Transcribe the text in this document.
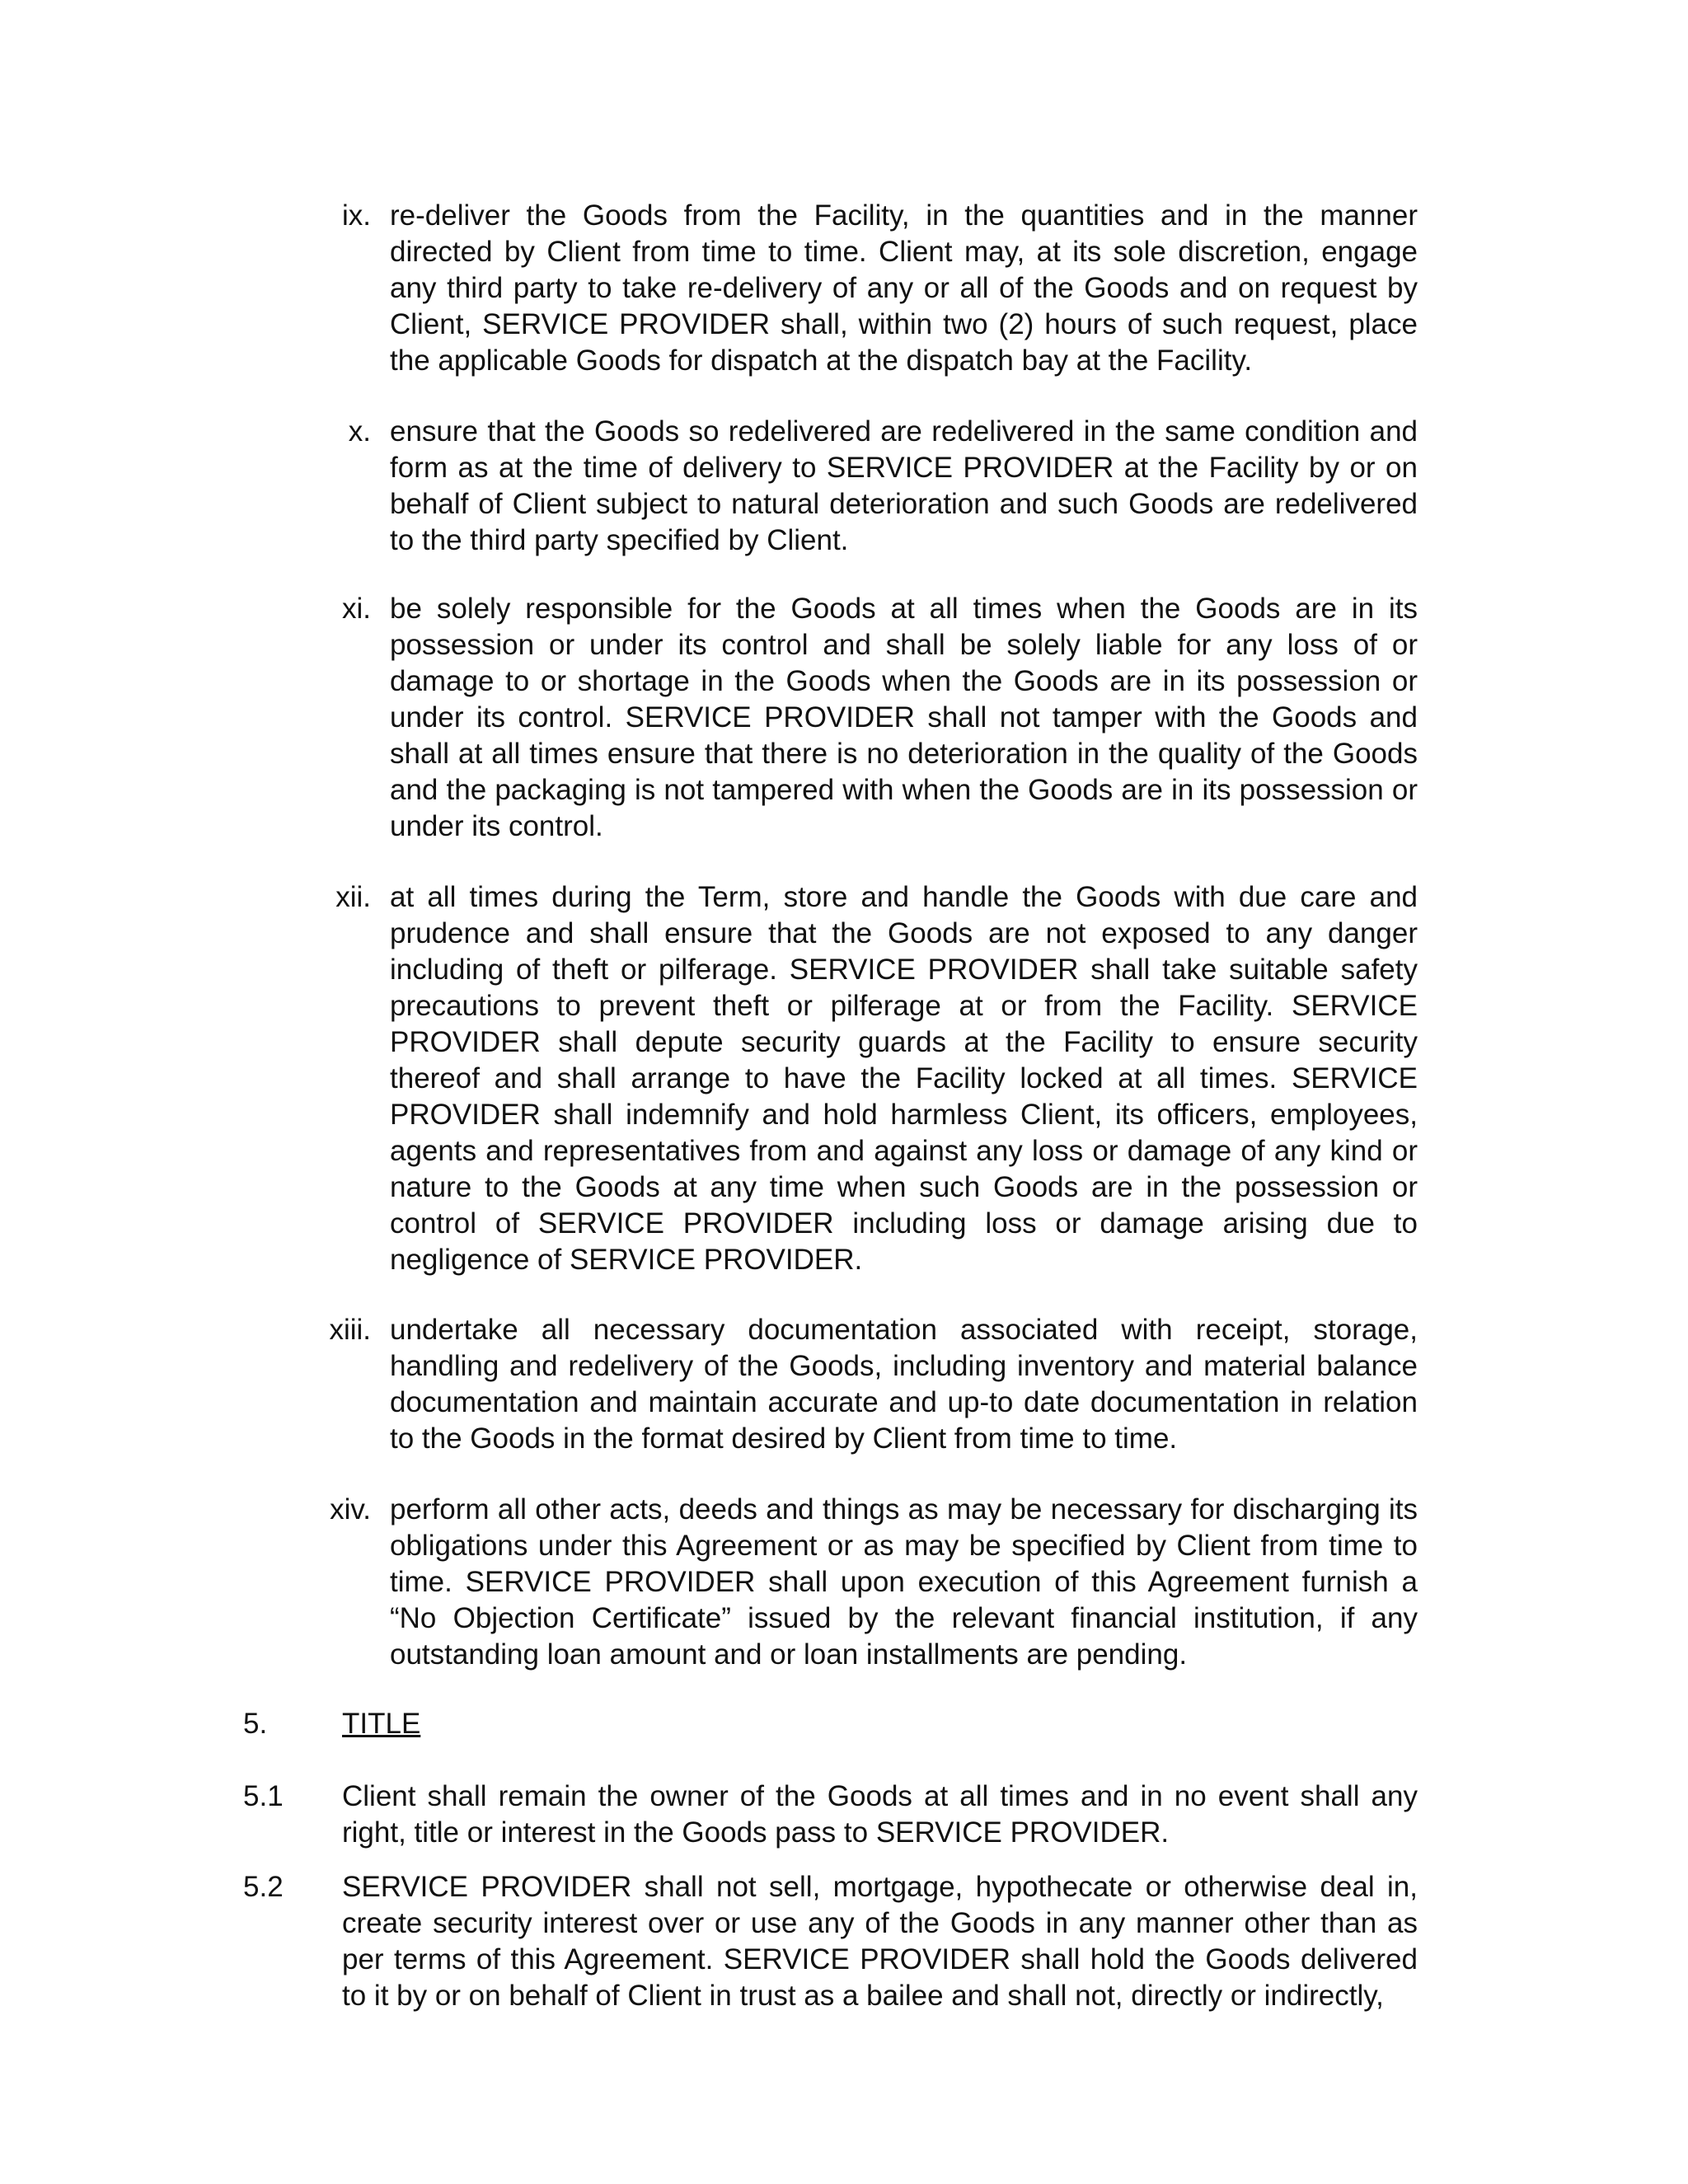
ix. re-deliver the Goods from the Facility, in the quantities and in the manner directed by Client from time to time. Client may, at its sole discretion, engage any third party to take re-delivery of any or all of the Goods and on request by Client, SERVICE PROVIDER shall, within two (2) hours of such request, place the applicable Goods for dispatch at the dispatch bay at the Facility.
x. ensure that the Goods so redelivered are redelivered in the same condition and form as at the time of delivery to SERVICE PROVIDER at the Facility by or on behalf of Client subject to natural deterioration and such Goods are redelivered to the third party specified by Client.
xi. be solely responsible for the Goods at all times when the Goods are in its possession or under its control and shall be solely liable for any loss of or damage to or shortage in the Goods when the Goods are in its possession or under its control. SERVICE PROVIDER shall not tamper with the Goods and shall at all times ensure that there is no deterioration in the quality of the Goods and the packaging is not tampered with when the Goods are in its possession or under its control.
xii. at all times during the Term, store and handle the Goods with due care and prudence and shall ensure that the Goods are not exposed to any danger including of theft or pilferage. SERVICE PROVIDER shall take suitable safety precautions to prevent theft or pilferage at or from the Facility. SERVICE PROVIDER shall depute security guards at the Facility to ensure security thereof and shall arrange to have the Facility locked at all times. SERVICE PROVIDER shall indemnify and hold harmless Client, its officers, employees, agents and representatives from and against any loss or damage of any kind or nature to the Goods at any time when such Goods are in the possession or control of SERVICE PROVIDER including loss or damage arising due to negligence of SERVICE PROVIDER.
xiii. undertake all necessary documentation associated with receipt, storage, handling and redelivery of the Goods, including inventory and material balance documentation and maintain accurate and up-to date documentation in relation to the Goods in the format desired by Client from time to time.
xiv. perform all other acts, deeds and things as may be necessary for discharging its obligations under this Agreement or as may be specified by Client from time to time. SERVICE PROVIDER shall upon execution of this Agreement furnish a “No Objection Certificate” issued by the relevant financial institution, if any outstanding loan amount and or loan installments are pending.
5.	TITLE
5.1 Client shall remain the owner of the Goods at all times and in no event shall any right, title or interest in the Goods pass to SERVICE PROVIDER.
5.2 SERVICE PROVIDER shall not sell, mortgage, hypothecate or otherwise deal in, create security interest over or use any of the Goods in any manner other than as per terms of this Agreement. SERVICE PROVIDER shall hold the Goods delivered to it by or on behalf of Client in trust as a bailee and shall not, directly or indirectly,
